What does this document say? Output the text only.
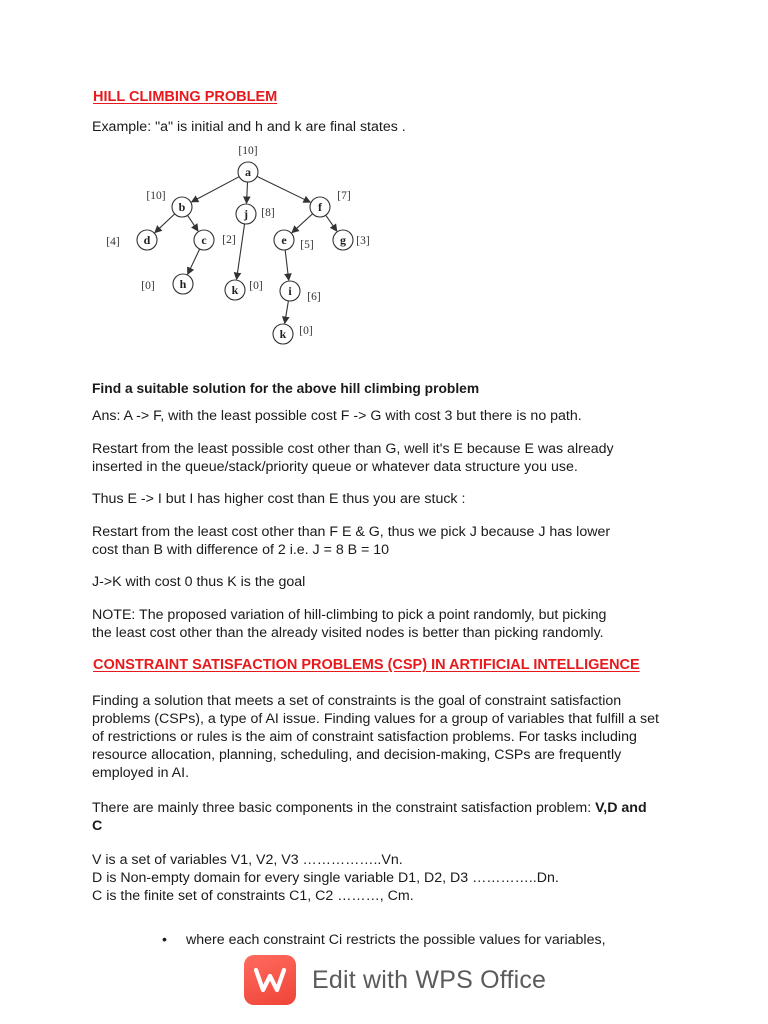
HILL CLIMBING PROBLEM

Example: "a" is initial and h and k are final states .

a
[10]
b
[10]
j [8]	f
[7]
d
[4]	c [2]	e [5] g [3]
h
[0]	k [0] i [6]
k [0]

Find a suitable solution for the above hill climbing problem

Ans: A -> F, with the least possible cost F -> G with cost 3 but there is no path.

Restart from the least possible cost other than G, well it's E because E was already
inserted in the queue/stack/priority queue or whatever data structure you use.

Thus E -> I but I has higher cost than E thus you are stuck :

Restart from the least cost other than F E & G, thus we pick J because J has lower
cost than B with difference of 2 i.e. J = 8 B = 10

J->K with cost 0 thus K is the goal

NOTE: The proposed variation of hill-climbing to pick a point randomly, but picking
the least cost other than the already visited nodes is better than picking randomly.

CONSTRAINT SATISFACTION PROBLEMS (CSP) IN ARTIFICIAL INTELLIGENCE

Finding a solution that meets a set of constraints is the goal of constraint satisfaction
problems (CSPs), a type of AI issue. Finding values for a group of variables that fulfill a set
of restrictions or rules is the aim of constraint satisfaction problems. For tasks including
resource allocation, planning, scheduling, and decision-making, CSPs are frequently
employed in AI.

There are mainly three basic components in the constraint satisfaction problem: V,D and
C

V is a set of variables V1, V2, V3 ……………..Vn.
D is Non-empty domain for every single variable D1, D2, D3 …………..Dn.
C is the finite set of constraints C1, C2 ………, Cm.

• where each constraint Ci restricts the possible values for variables,
Edit with WPS Office
